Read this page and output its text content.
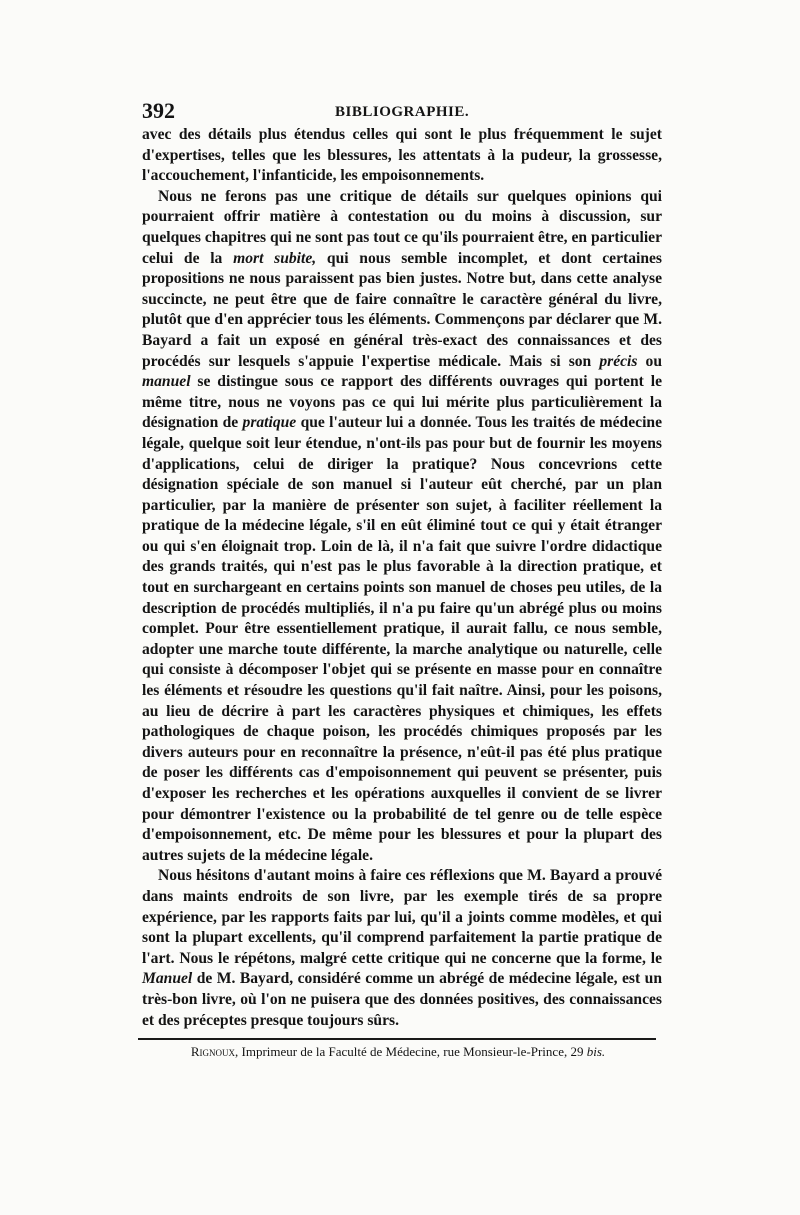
392	BIBLIOGRAPHIE.

avec des détails plus étendus celles qui sont le plus fréquemment le sujet d'expertises, telles que les blessures, les attentats à la pudeur, la grossesse, l'accouchement, l'infanticide, les empoisonnements.

Nous ne ferons pas une critique de détails sur quelques opinions qui pourraient offrir matière à contestation ou du moins à discussion, sur quelques chapitres qui ne sont pas tout ce qu'ils pourraient être, en particulier celui de la mort subite, qui nous semble incomplet, et dont certaines propositions ne nous paraissent pas bien justes. Notre but, dans cette analyse succincte, ne peut être que de faire connaître le caractère général du livre, plutôt que d'en apprécier tous les éléments. Commençons par déclarer que M. Bayard a fait un exposé en général très-exact des connaissances et des procédés sur lesquels s'appuie l'expertise médicale. Mais si son précis ou manuel se distingue sous ce rapport des différents ouvrages qui portent le même titre, nous ne voyons pas ce qui lui mérite plus particulièrement la désignation de pratique que l'auteur lui a donnée. Tous les traités de médecine légale, quelque soit leur étendue, n'ont-ils pas pour but de fournir les moyens d'applications, celui de diriger la pratique? Nous concevrions cette désignation spéciale de son manuel si l'auteur eût cherché, par un plan particulier, par la manière de présenter son sujet, à faciliter réellement la pratique de la médecine légale, s'il en eût éliminé tout ce qui y était étranger ou qui s'en éloignait trop. Loin de là, il n'a fait que suivre l'ordre didactique des grands traités, qui n'est pas le plus favorable à la direction pratique, et tout en surchargeant en certains points son manuel de choses peu utiles, de la description de procédés multipliés, il n'a pu faire qu'un abrégé plus ou moins complet. Pour être essentiellement pratique, il aurait fallu, ce nous semble, adopter une marche toute différente, la marche analytique ou naturelle, celle qui consiste à décomposer l'objet qui se présente en masse pour en connaître les éléments et résoudre les questions qu'il fait naître. Ainsi, pour les poisons, au lieu de décrire à part les caractères physiques et chimiques, les effets pathologiques de chaque poison, les procédés chimiques proposés par les divers auteurs pour en reconnaître la présence, n'eût-il pas été plus pratique de poser les différents cas d'empoisonnement qui peuvent se présenter, puis d'exposer les recherches et les opérations auxquelles il convient de se livrer pour démontrer l'existence ou la probabilité de tel genre ou de telle espèce d'empoisonnement, etc. De même pour les blessures et pour la plupart des autres sujets de la médecine légale.

Nous hésitons d'autant moins à faire ces réflexions que M. Bayard a prouvé dans maints endroits de son livre, par les exemple tirés de sa propre expérience, par les rapports faits par lui, qu'il a joints comme modèles, et qui sont la plupart excellents, qu'il comprend parfaitement la partie pratique de l'art. Nous le répétons, malgré cette critique qui ne concerne que la forme, le Manuel de M. Bayard, considéré comme un abrégé de médecine légale, est un très-bon livre, où l'on ne puisera que des données positives, des connaissances et des préceptes presque toujours sûrs.

Rignoux, Imprimeur de la Faculté de Médecine, rue Monsieur-le-Prince, 29 bis.
